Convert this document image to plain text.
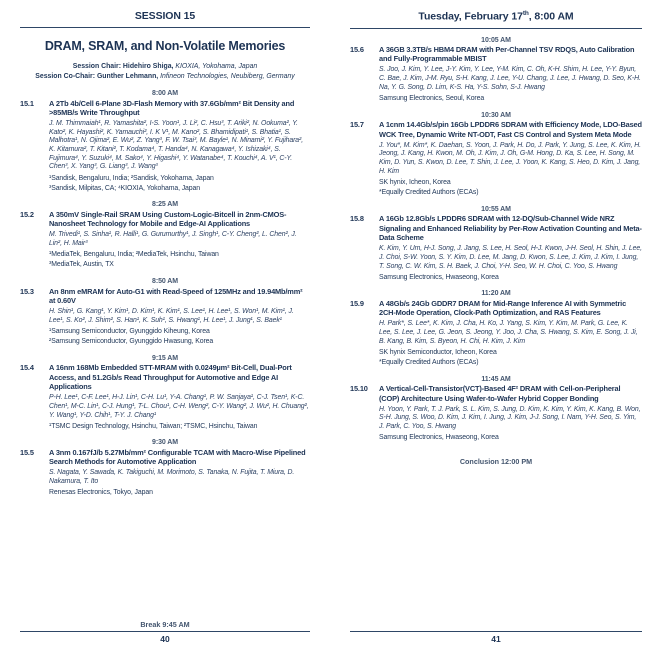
SESSION 15
DRAM, SRAM, and Non-Volatile Memories
Session Chair: Hidehiro Shiga, KIOXIA, Yokohama, Japan
Session Co-Chair: Gunther Lehmann, Infineon Technologies, Neubiberg, Germany
8:00 AM
15.1	A 2Tb 4b/Cell 6-Plane 3D-Flash Memory with 37.6Gb/mm² Bit Density and >85MB/s Write Throughput
J. M. Thimmaiah¹, R. Yamashita², I-S. Yoon¹, J. Li², C. Hsu³, T. Ariki², N. Ookuma², Y. Kato², K. Hayashi², K. Yamauchi², I. K V¹, M. Kano², S. Bhamidipati¹, S. Bhatia¹, S. Malhotra¹, N. Ojima², E. Wu², Z. Yang³, F. W. Tsai³, M. Bayle¹, N. Minami², Y. Fujihara², K. Kitamura², T. Kitani², T. Kodama⁴, T. Handa⁴, N. Kanagawa⁴, Y. Ishizaki⁴, S. Fujimura⁴, Y. Suzuki⁴, M. Sako⁴, Y. Higashi⁴, Y. Watanabe⁴, T. Kouchi⁴, A. V¹, C-Y. Chen³, X. Yang³, G. Liang³, J. Wang³
¹Sandisk, Bengaluru, India; ²Sandisk, Yokohama, Japan
³Sandisk, Milpitas, CA; ⁴KIOXIA, Yokohama, Japan
8:25 AM
15.2	A 350mV Single-Rail SRAM Using Custom-Logic-Bitcell in 2nm-CMOS-Nanosheet Technology for Mobile and Edge-AI Applications
M. Trivedi¹, S. Sinha¹, R. Halli¹, G. Gurumurthy¹, J. Singh¹, C-Y. Cheng², L. Chen², J. Lin², H. Mair³
¹MediaTek, Bengaluru, India; ²MediaTek, Hsinchu, Taiwan
³MediaTek, Austin, TX
8:50 AM
15.3	An 8nm eMRAM for Auto-G1 with Read-Speed of 125MHz and 19.94Mb/mm² at 0.60V
H. Shin¹, G. Kang¹, Y. Kim¹, D. Kim¹, K. Kim¹, S. Lee¹, H. Lee¹, S. Won¹, M. Kim¹, J. Lee¹, S. Ko², J. Shim², S. Han¹, K. Suh¹, S. Hwang¹, H. Lee¹, J. Jung¹, S. Baek¹
¹Samsung Semiconductor, Gyunggido Kiheung, Korea
²Samsung Semiconductor, Gyunggido Hwasung, Korea
9:15 AM
15.4	A 16nm 168Mb Embedded STT-MRAM with 0.0249µm² Bit-Cell, Dual-Port Access, and 51.2Gb/s Read Throughput for Automotive and Edge AI Applications
P-H. Lee¹, C-F. Lee¹, H-J. Lin¹, C-H. Lu¹, Y-A. Chang¹, P. W. Sanjaya¹, C-J. Tsen¹, K-C. Chen¹, M-C. Lin¹, C-J. Hung¹, T-L. Chou¹, C-H. Weng², C-Y. Wang², J. Wu², H. Chuang², Y. Wang¹, Y-D. Chih¹, T-Y. J. Chang¹
¹TSMC Design Technology, Hsinchu, Taiwan; ²TSMC, Hsinchu, Taiwan
9:30 AM
15.5	A 3nm 0.167fJ/b 5.27Mb/mm² Configurable TCAM with Macro-Wise Pipelined Search Methods for Automotive Application
S. Nagata, Y. Sawada, K. Takiguchi, M. Morimoto, S. Tanaka, N. Fujita, T. Miura, D. Nakamura, T. Ito
Renesas Electronics, Tokyo, Japan
Break 9:45 AM
40
Tuesday, February 17th, 8:00 AM
10:05 AM
15.6	A 36GB 3.3TB/s HBM4 DRAM with Per-Channel TSV RDQS, Auto Calibration and Fully-Programmable MBIST
S. Joo, J. Kim, Y. Lee, J-Y. Kim, Y. Lee, Y-M. Kim, C. Oh, K-H. Shim, H. Lee, Y-Y. Byun, C. Bae, J. Kim, J-M. Ryu, S-H. Kang, J. Lee, Y-U. Chang, J. Lee, J. Hwang, D. Seo, K-H. Na, Y. G. Song, D. Lim, K-S. Ha, Y-S. Sohn, S-J. Hwang
Samsung Electronics, Seoul, Korea
10:30 AM
15.7	A 1cnm 14.4Gb/s/pin 16Gb LPDDR6 SDRAM with Efficiency Mode, LDO-Based WCK Tree, Dynamic Write NT-ODT, Fast CS Control and System Meta Mode
J. You*, M. Kim*, K. Daehan, S. Yoon, J. Park, H. Do, J. Park, Y. Jung, S. Lee, K. Kim, H. Jeong, J. Kang, H. Kwon, M. Oh, J. Kim, J. Oh, G-M. Hong, D. Ka, S. Lee, H. Song, M. Kim, D. Yun, S. Kwon, D. Lee, T. Shin, J. Lee, J. Yoon, K. Kang, S. Heo, D. Kim, J. Jang, H. Kim
SK hynix, Icheon, Korea
*Equally Credited Authors (ECAs)
10:55 AM
15.8	A 16Gb 12.8Gb/s LPDDR6 SDRAM with 12-DQ/Sub-Channel Wide NRZ Signaling and Enhanced Reliability by Per-Row Activation Counting and Meta-Data Scheme
K. Kim, Y. Um, H-J. Song, J. Jang, S. Lee, H. Seol, H-J. Kwon, J-H. Seol, H. Shin, J. Lee, J. Choi, S-W. Yoon, S. Y. Kim, D. Lee, M. Jang, D. Kwon, S. Lee, J. Kim, J. Kim, I. Jung, T. Song, C. W. Kim, S. H. Baek, J. Choi, Y-H. Seo, W. H. Choi, C. Yoo, S. Hwang
Samsung Electronics, Hwaseong, Korea
11:20 AM
15.9	A 48Gb/s 24Gb GDDR7 DRAM for Mid-Range Inference AI with Symmetric 2CH-Mode Operation, Clock-Path Optimization, and RAS Features
H. Park*, S. Lee*, K. Kim, J. Cha, H. Ko, J. Yang, S. Kim, Y. Kim, M. Park, G. Lee, K. Lee, S. Lee, J. Lee, G. Jeon, S. Jeong, Y. Joo, J. Cha, S. Hwang, S. Kim, E. Song, J. Ji, B. Kang, B. Kim, S. Byeon, H. Chi, H. Kim, J. Kim
SK hynix Semiconductor, Icheon, Korea
*Equally Credited Authors (ECAs)
11:45 AM
15.10	A Vertical-Cell-Transistor(VCT)-Based 4F² DRAM with Cell-on-Peripheral (COP) Architecture Using Wafer-to-Wafer Hybrid Copper Bonding
H. Yoon, Y. Park, T. J. Park, S. L. Kim, S. Jung, D. Kim, K. Kim, Y. Kim, K. Kang, B. Won, S-H. Jung, S. Woo, D. Kim, J. Kim, I. Jung, J. Kim, J-J. Song, I. Nam, Y-H. Seo, S. Yim, J. Park, C. Yoo, S. Hwang
Samsung Electronics, Hwaseong, Korea
Conclusion 12:00 PM
41
